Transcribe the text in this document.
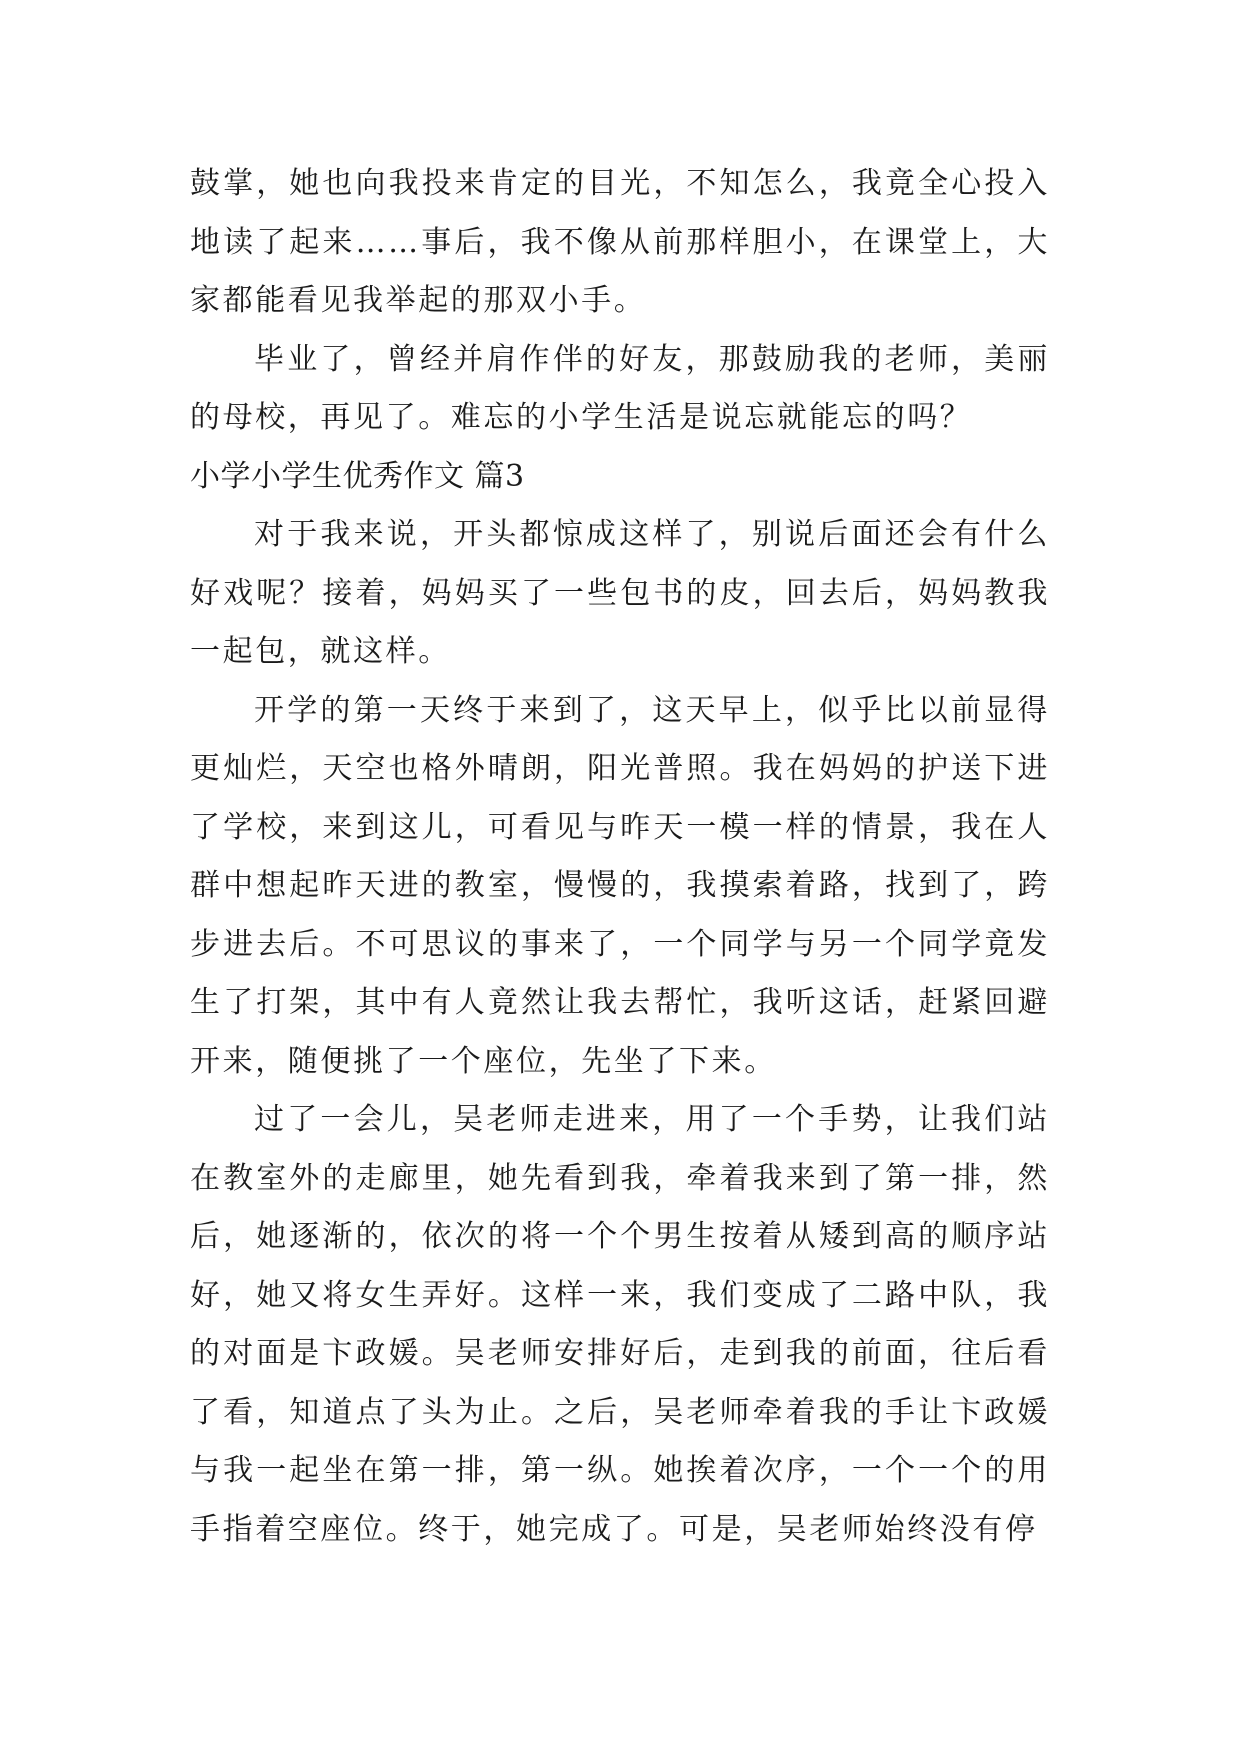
鼓掌，她也向我投来肯定的目光，不知怎么，我竟全心投入地读了起来……事后，我不像从前那样胆小，在课堂上，大家都能看见我举起的那双小手。

毕业了，曾经并肩作伴的好友，那鼓励我的老师，美丽的母校，再见了。难忘的小学生活是说忘就能忘的吗？

小学小学生优秀作文 篇3

对于我来说，开头都惊成这样了，别说后面还会有什么好戏呢？接着，妈妈买了一些包书的皮，回去后，妈妈教我一起包，就这样。

开学的第一天终于来到了，这天早上，似乎比以前显得更灿烂，天空也格外晴朗，阳光普照。我在妈妈的护送下进了学校，来到这儿，可看见与昨天一模一样的情景，我在人群中想起昨天进的教室，慢慢的，我摸索着路，找到了，跨步进去后。不可思议的事来了，一个同学与另一个同学竟发生了打架，其中有人竟然让我去帮忙，我听这话，赶紧回避开来，随便挑了一个座位，先坐了下来。

过了一会儿，吴老师走进来，用了一个手势，让我们站在教室外的走廊里，她先看到我，牵着我来到了第一排，然后，她逐渐的，依次的将一个个男生按着从矮到高的顺序站好，她又将女生弄好。这样一来，我们变成了二路中队，我的对面是卞政媛。吴老师安排好后，走到我的前面，往后看了看，知道点了头为止。之后，吴老师牵着我的手让卞政媛与我一起坐在第一排，第一纵。她挨着次序，一个一个的用手指着空座位。终于，她完成了。可是，吴老师始终没有停
